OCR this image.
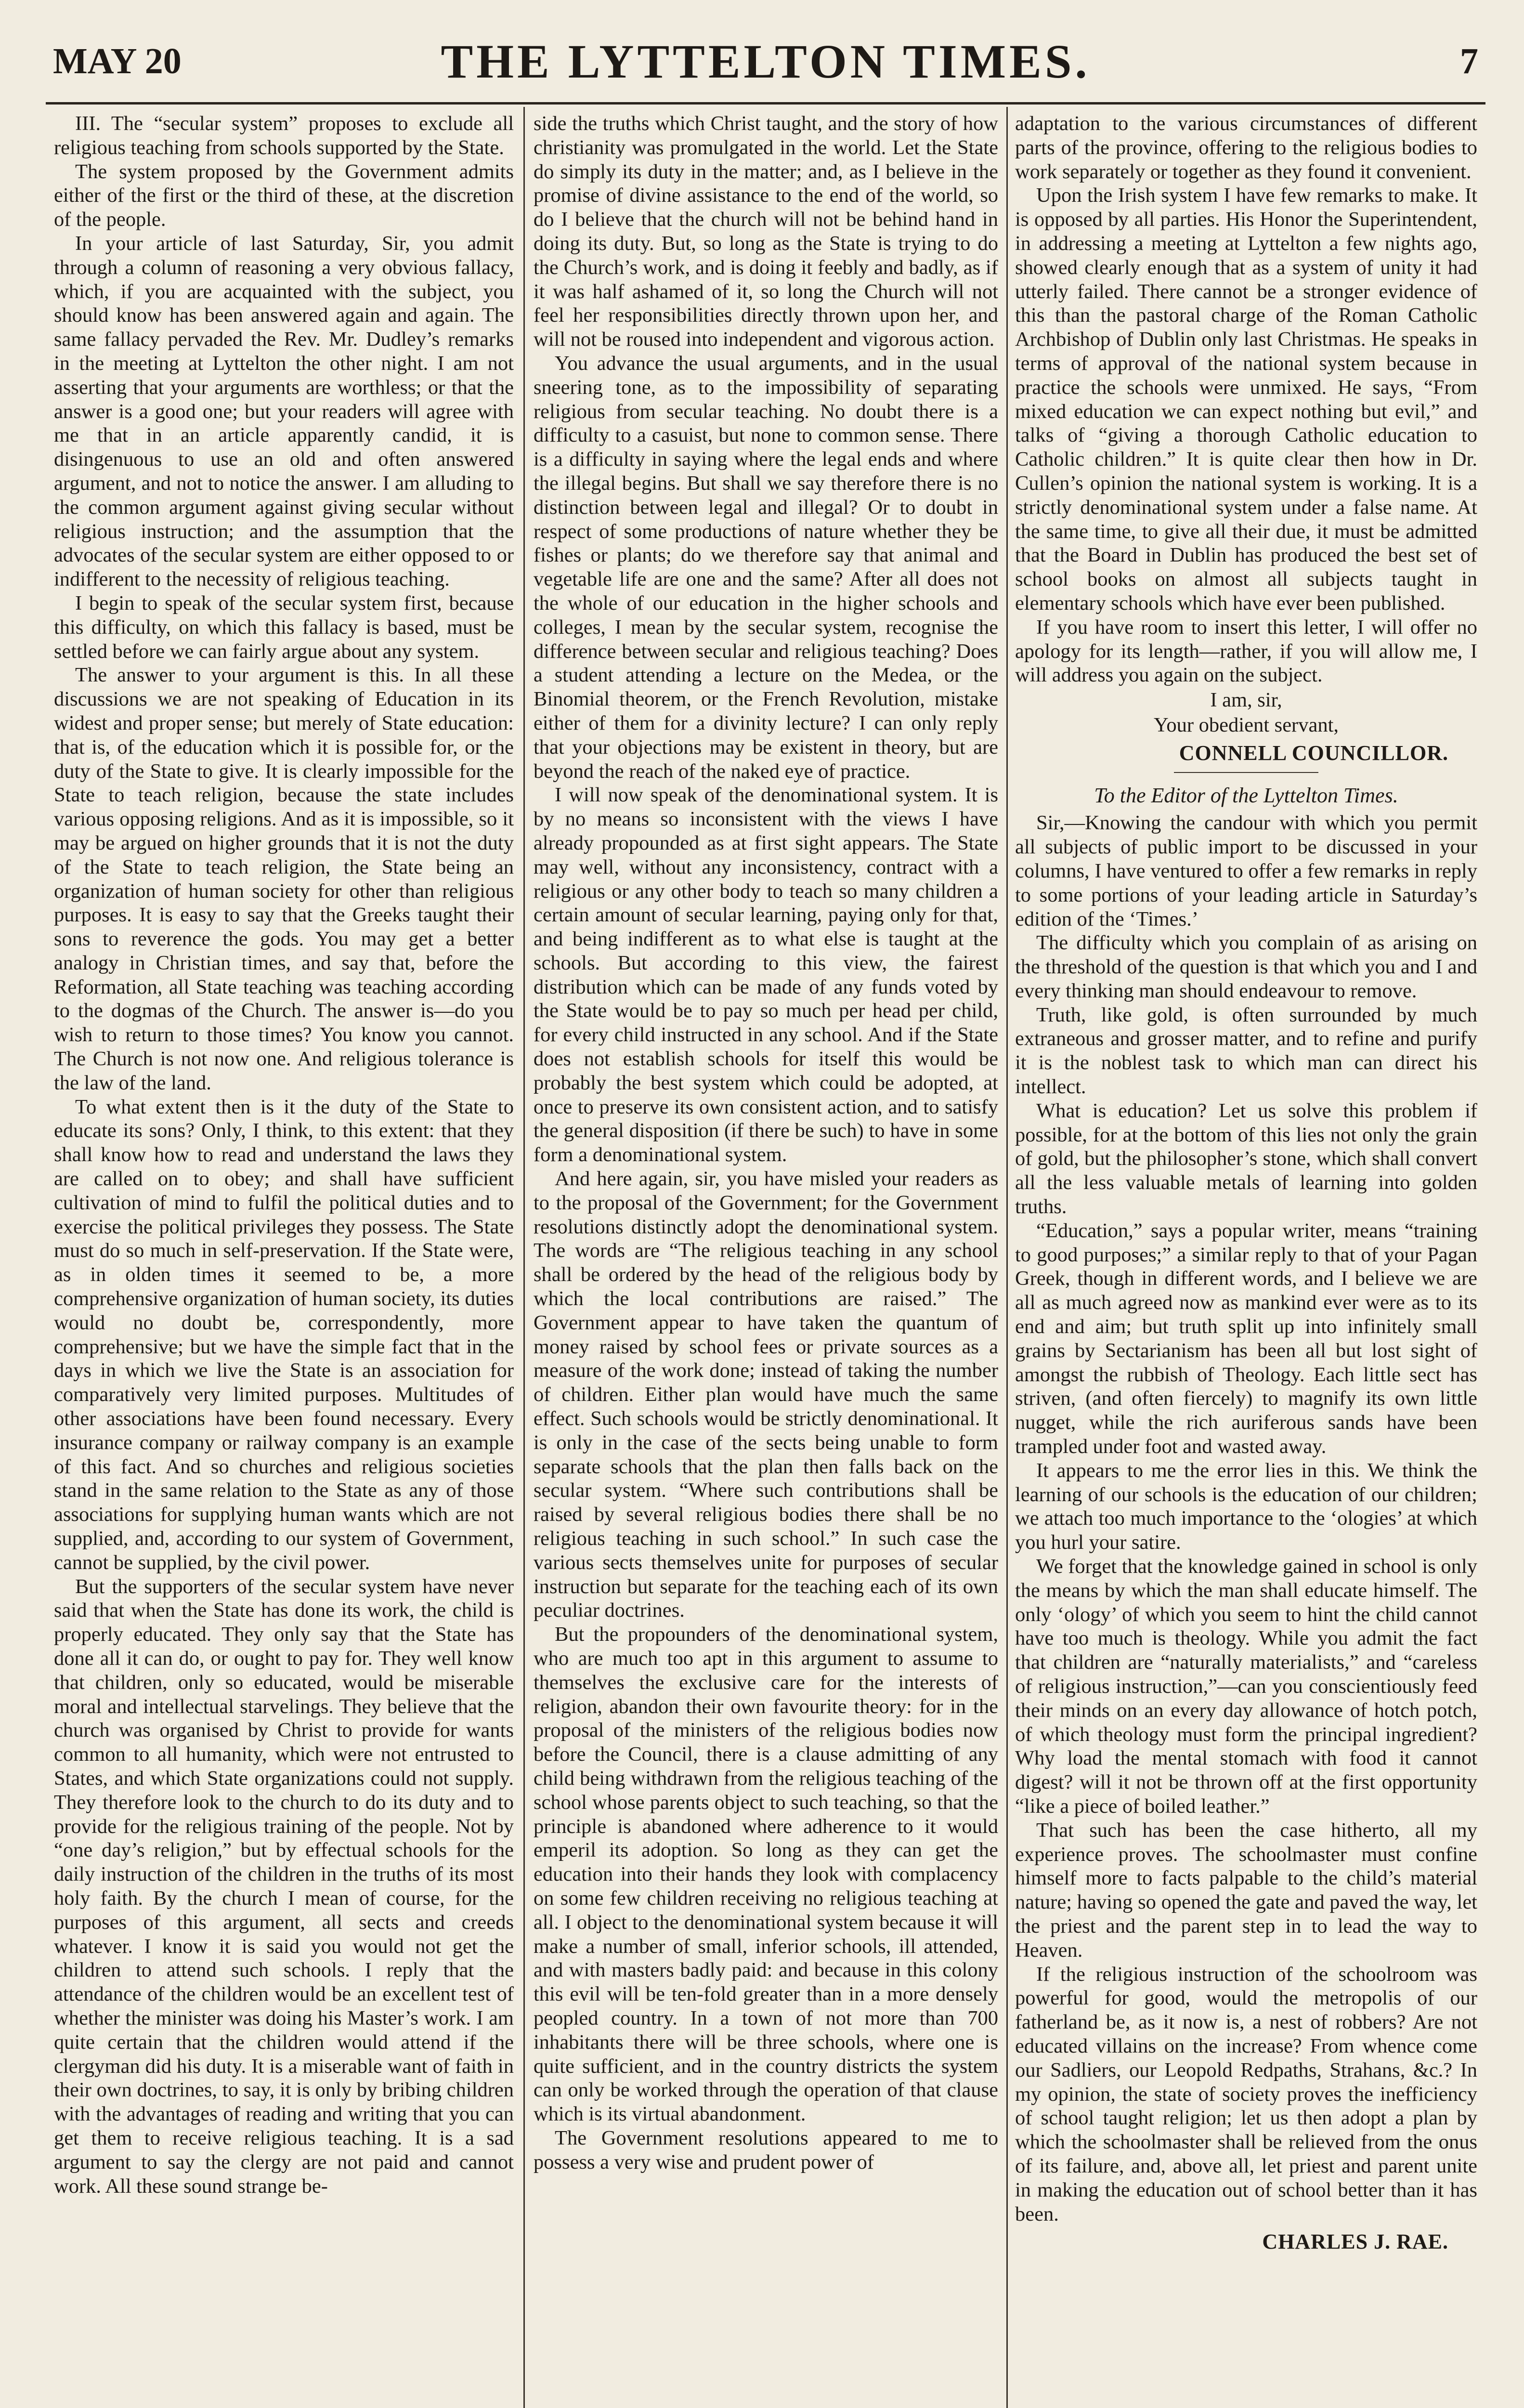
MAY 20	THE LYTTELTON TIMES.	7

III. The “secular system” proposes to exclude all religious teaching from schools supported by the State.

The system proposed by the Government admits either of the first or the third of these, at the discretion of the people.

In your article of last Saturday, Sir, you admit through a column of reasoning a very obvious fallacy, which, if you are acquainted with the subject, you should know has been answered again and again. The same fallacy pervaded the Rev. Mr. Dudley’s remarks in the meeting at Lyttelton the other night. I am not asserting that your arguments are worthless; or that the answer is a good one; but your readers will agree with me that in an article apparently candid, it is disingenuous to use an old and often answered argument, and not to notice the answer. I am alluding to the common argument against giving secular without religious instruction; and the assumption that the advocates of the secular system are either opposed to or indifferent to the necessity of religious teaching.

I begin to speak of the secular system first, because this difficulty, on which this fallacy is based, must be settled before we can fairly argue about any system.

The answer to your argument is this. In all these discussions we are not speaking of Education in its widest and proper sense; but merely of State education: that is, of the education which it is possible for, or the duty of the State to give. It is clearly impossible for the State to teach religion, because the state includes various opposing religions. And as it is impossible, so it may be argued on higher grounds that it is not the duty of the State to teach religion, the State being an organization of human society for other than religious purposes. It is easy to say that the Greeks taught their sons to reverence the gods. You may get a better analogy in Christian times, and say that, before the Reformation, all State teaching was teaching according to the dogmas of the Church. The answer is—do you wish to return to those times? You know you cannot. The Church is not now one. And religious tolerance is the law of the land.

To what extent then is it the duty of the State to educate its sons? Only, I think, to this extent: that they shall know how to read and understand the laws they are called on to obey; and shall have sufficient cultivation of mind to fulfil the political duties and to exercise the political privileges they possess. The State must do so much in self-preservation. If the State were, as in olden times it seemed to be, a more comprehensive organization of human society, its duties would no doubt be, correspondently, more comprehensive; but we have the simple fact that in the days in which we live the State is an association for comparatively very limited purposes. Multitudes of other associations have been found necessary. Every insurance company or railway company is an example of this fact. And so churches and religious societies stand in the same relation to the State as any of those associations for supplying human wants which are not supplied, and, according to our system of Government, cannot be supplied, by the civil power.

But the supporters of the secular system have never said that when the State has done its work, the child is properly educated. They only say that the State has done all it can do, or ought to pay for. They well know that children, only so educated, would be miserable moral and intellectual starvelings. They believe that the church was organised by Christ to provide for wants common to all humanity, which were not entrusted to States, and which State organizations could not supply. They therefore look to the church to do its duty and to provide for the religious training of the people. Not by “one day’s religion,” but by effectual schools for the daily instruction of the children in the truths of its most holy faith. By the church I mean of course, for the purposes of this argument, all sects and creeds whatever. I know it is said you would not get the children to attend such schools. I reply that the attendance of the children would be an excellent test of whether the minister was doing his Master’s work. I am quite certain that the children would attend if the clergyman did his duty. It is a miserable want of faith in their own doctrines, to say, it is only by bribing children with the advantages of reading and writing that you can get them to receive religious teaching. It is a sad argument to say the clergy are not paid and cannot work. All these sound strange be-

side the truths which Christ taught, and the story of how christianity was promulgated in the world. Let the State do simply its duty in the matter; and, as I believe in the promise of divine assistance to the end of the world, so do I believe that the church will not be behind hand in doing its duty. But, so long as the State is trying to do the Church’s work, and is doing it feebly and badly, as if it was half ashamed of it, so long the Church will not feel her responsibilities directly thrown upon her, and will not be roused into independent and vigorous action.

You advance the usual arguments, and in the usual sneering tone, as to the impossibility of separating religious from secular teaching. No doubt there is a difficulty to a casuist, but none to common sense. There is a difficulty in saying where the legal ends and where the illegal begins. But shall we say therefore there is no distinction between legal and illegal? Or to doubt in respect of some productions of nature whether they be fishes or plants; do we therefore say that animal and vegetable life are one and the same? After all does not the whole of our education in the higher schools and colleges, I mean by the secular system, recognise the difference between secular and religious teaching? Does a student attending a lecture on the Medea, or the Binomial theorem, or the French Revolution, mistake either of them for a divinity lecture? I can only reply that your objections may be existent in theory, but are beyond the reach of the naked eye of practice.

I will now speak of the denominational system. It is by no means so inconsistent with the views I have already propounded as at first sight appears. The State may well, without any inconsistency, contract with a religious or any other body to teach so many children a certain amount of secular learning, paying only for that, and being indifferent as to what else is taught at the schools. But according to this view, the fairest distribution which can be made of any funds voted by the State would be to pay so much per head per child, for every child instructed in any school. And if the State does not establish schools for itself this would be probably the best system which could be adopted, at once to preserve its own consistent action, and to satisfy the general disposition (if there be such) to have in some form a denominational system.

And here again, sir, you have misled your readers as to the proposal of the Government; for the Government resolutions distinctly adopt the denominational system. The words are “The religious teaching in any school shall be ordered by the head of the religious body by which the local contributions are raised.” The Government appear to have taken the quantum of money raised by school fees or private sources as a measure of the work done; instead of taking the number of children. Either plan would have much the same effect. Such schools would be strictly denominational. It is only in the case of the sects being unable to form separate schools that the plan then falls back on the secular system. “Where such contributions shall be raised by several religious bodies there shall be no religious teaching in such school.” In such case the various sects themselves unite for purposes of secular instruction but separate for the teaching each of its own peculiar doctrines.

But the propounders of the denominational system, who are much too apt in this argument to assume to themselves the exclusive care for the interests of religion, abandon their own favourite theory: for in the proposal of the ministers of the religious bodies now before the Council, there is a clause admitting of any child being withdrawn from the religious teaching of the school whose parents object to such teaching, so that the principle is abandoned where adherence to it would emperil its adoption. So long as they can get the education into their hands they look with complacency on some few children receiving no religious teaching at all. I object to the denominational system because it will make a number of small, inferior schools, ill attended, and with masters badly paid: and because in this colony this evil will be ten-fold greater than in a more densely peopled country. In a town of not more than 700 inhabitants there will be three schools, where one is quite sufficient, and in the country districts the system can only be worked through the operation of that clause which is its virtual abandonment.

The Government resolutions appeared to me to possess a very wise and prudent power of

adaptation to the various circumstances of different parts of the province, offering to the religious bodies to work separately or together as they found it convenient.

Upon the Irish system I have few remarks to make. It is opposed by all parties. His Honor the Superintendent, in addressing a meeting at Lyttelton a few nights ago, showed clearly enough that as a system of unity it had utterly failed. There cannot be a stronger evidence of this than the pastoral charge of the Roman Catholic Archbishop of Dublin only last Christmas. He speaks in terms of approval of the national system because in practice the schools were unmixed. He says, “From mixed education we can expect nothing but evil,” and talks of “giving a thorough Catholic education to Catholic children.” It is quite clear then how in Dr. Cullen’s opinion the national system is working. It is a strictly denominational system under a false name. At the same time, to give all their due, it must be admitted that the Board in Dublin has produced the best set of school books on almost all subjects taught in elementary schools which have ever been published.

If you have room to insert this letter, I will offer no apology for its length—rather, if you will allow me, I will address you again on the subject.

I am, sir,
Your obedient servant,
CONNELL COUNCILLOR.
To the Editor of the Lyttelton Times.

Sir,—Knowing the candour with which you permit all subjects of public import to be discussed in your columns, I have ventured to offer a few remarks in reply to some portions of your leading article in Saturday’s edition of the ‘Times.’

The difficulty which you complain of as arising on the threshold of the question is that which you and I and every thinking man should endeavour to remove.

Truth, like gold, is often surrounded by much extraneous and grosser matter, and to refine and purify it is the noblest task to which man can direct his intellect.

What is education? Let us solve this problem if possible, for at the bottom of this lies not only the grain of gold, but the philosopher’s stone, which shall convert all the less valuable metals of learning into golden truths.

“Education,” says a popular writer, means “training to good purposes;” a similar reply to that of your Pagan Greek, though in different words, and I believe we are all as much agreed now as mankind ever were as to its end and aim; but truth split up into infinitely small grains by Sectarianism has been all but lost sight of amongst the rubbish of Theology. Each little sect has striven, (and often fiercely) to magnify its own little nugget, while the rich auriferous sands have been trampled under foot and wasted away.

It appears to me the error lies in this. We think the learning of our schools is the education of our children; we attach too much importance to the ‘ologies’ at which you hurl your satire.

We forget that the knowledge gained in school is only the means by which the man shall educate himself. The only ‘ology’ of which you seem to hint the child cannot have too much is theology. While you admit the fact that children are “naturally materialists,” and “careless of religious instruction,”—can you conscientiously feed their minds on an every day allowance of hotch potch, of which theology must form the principal ingredient? Why load the mental stomach with food it cannot digest? will it not be thrown off at the first opportunity “like a piece of boiled leather.”

That such has been the case hitherto, all my experience proves. The schoolmaster must confine himself more to facts palpable to the child’s material nature; having so opened the gate and paved the way, let the priest and the parent step in to lead the way to Heaven.

If the religious instruction of the schoolroom was powerful for good, would the metropolis of our fatherland be, as it now is, a nest of robbers? Are not educated villains on the increase? From whence come our Sadliers, our Leopold Redpaths, Strahans, &c.? In my opinion, the state of society proves the inefficiency of school taught religion; let us then adopt a plan by which the schoolmaster shall be relieved from the onus of its failure, and, above all, let priest and parent unite in making the education out of school better than it has been.

CHARLES J. RAE.
